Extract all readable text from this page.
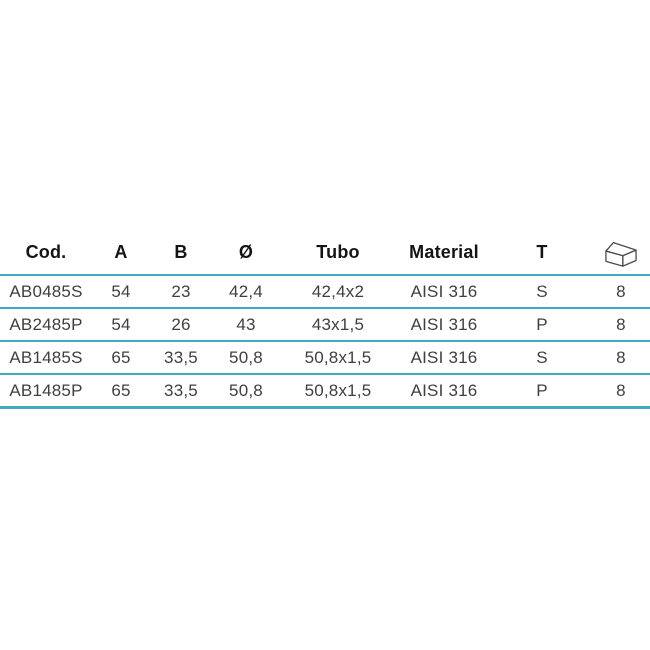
Cod.	A	B	Ø	Tubo	Material	T	
AB0485S	54	23	42,4	42,4x2	AISI 316	S	8
AB2485P	54	26	43	43x1,5	AISI 316	P	8
AB1485S	65	33,5	50,8	50,8x1,5	AISI 316	S	8
AB1485P	65	33,5	50,8	50,8x1,5	AISI 316	P	8
